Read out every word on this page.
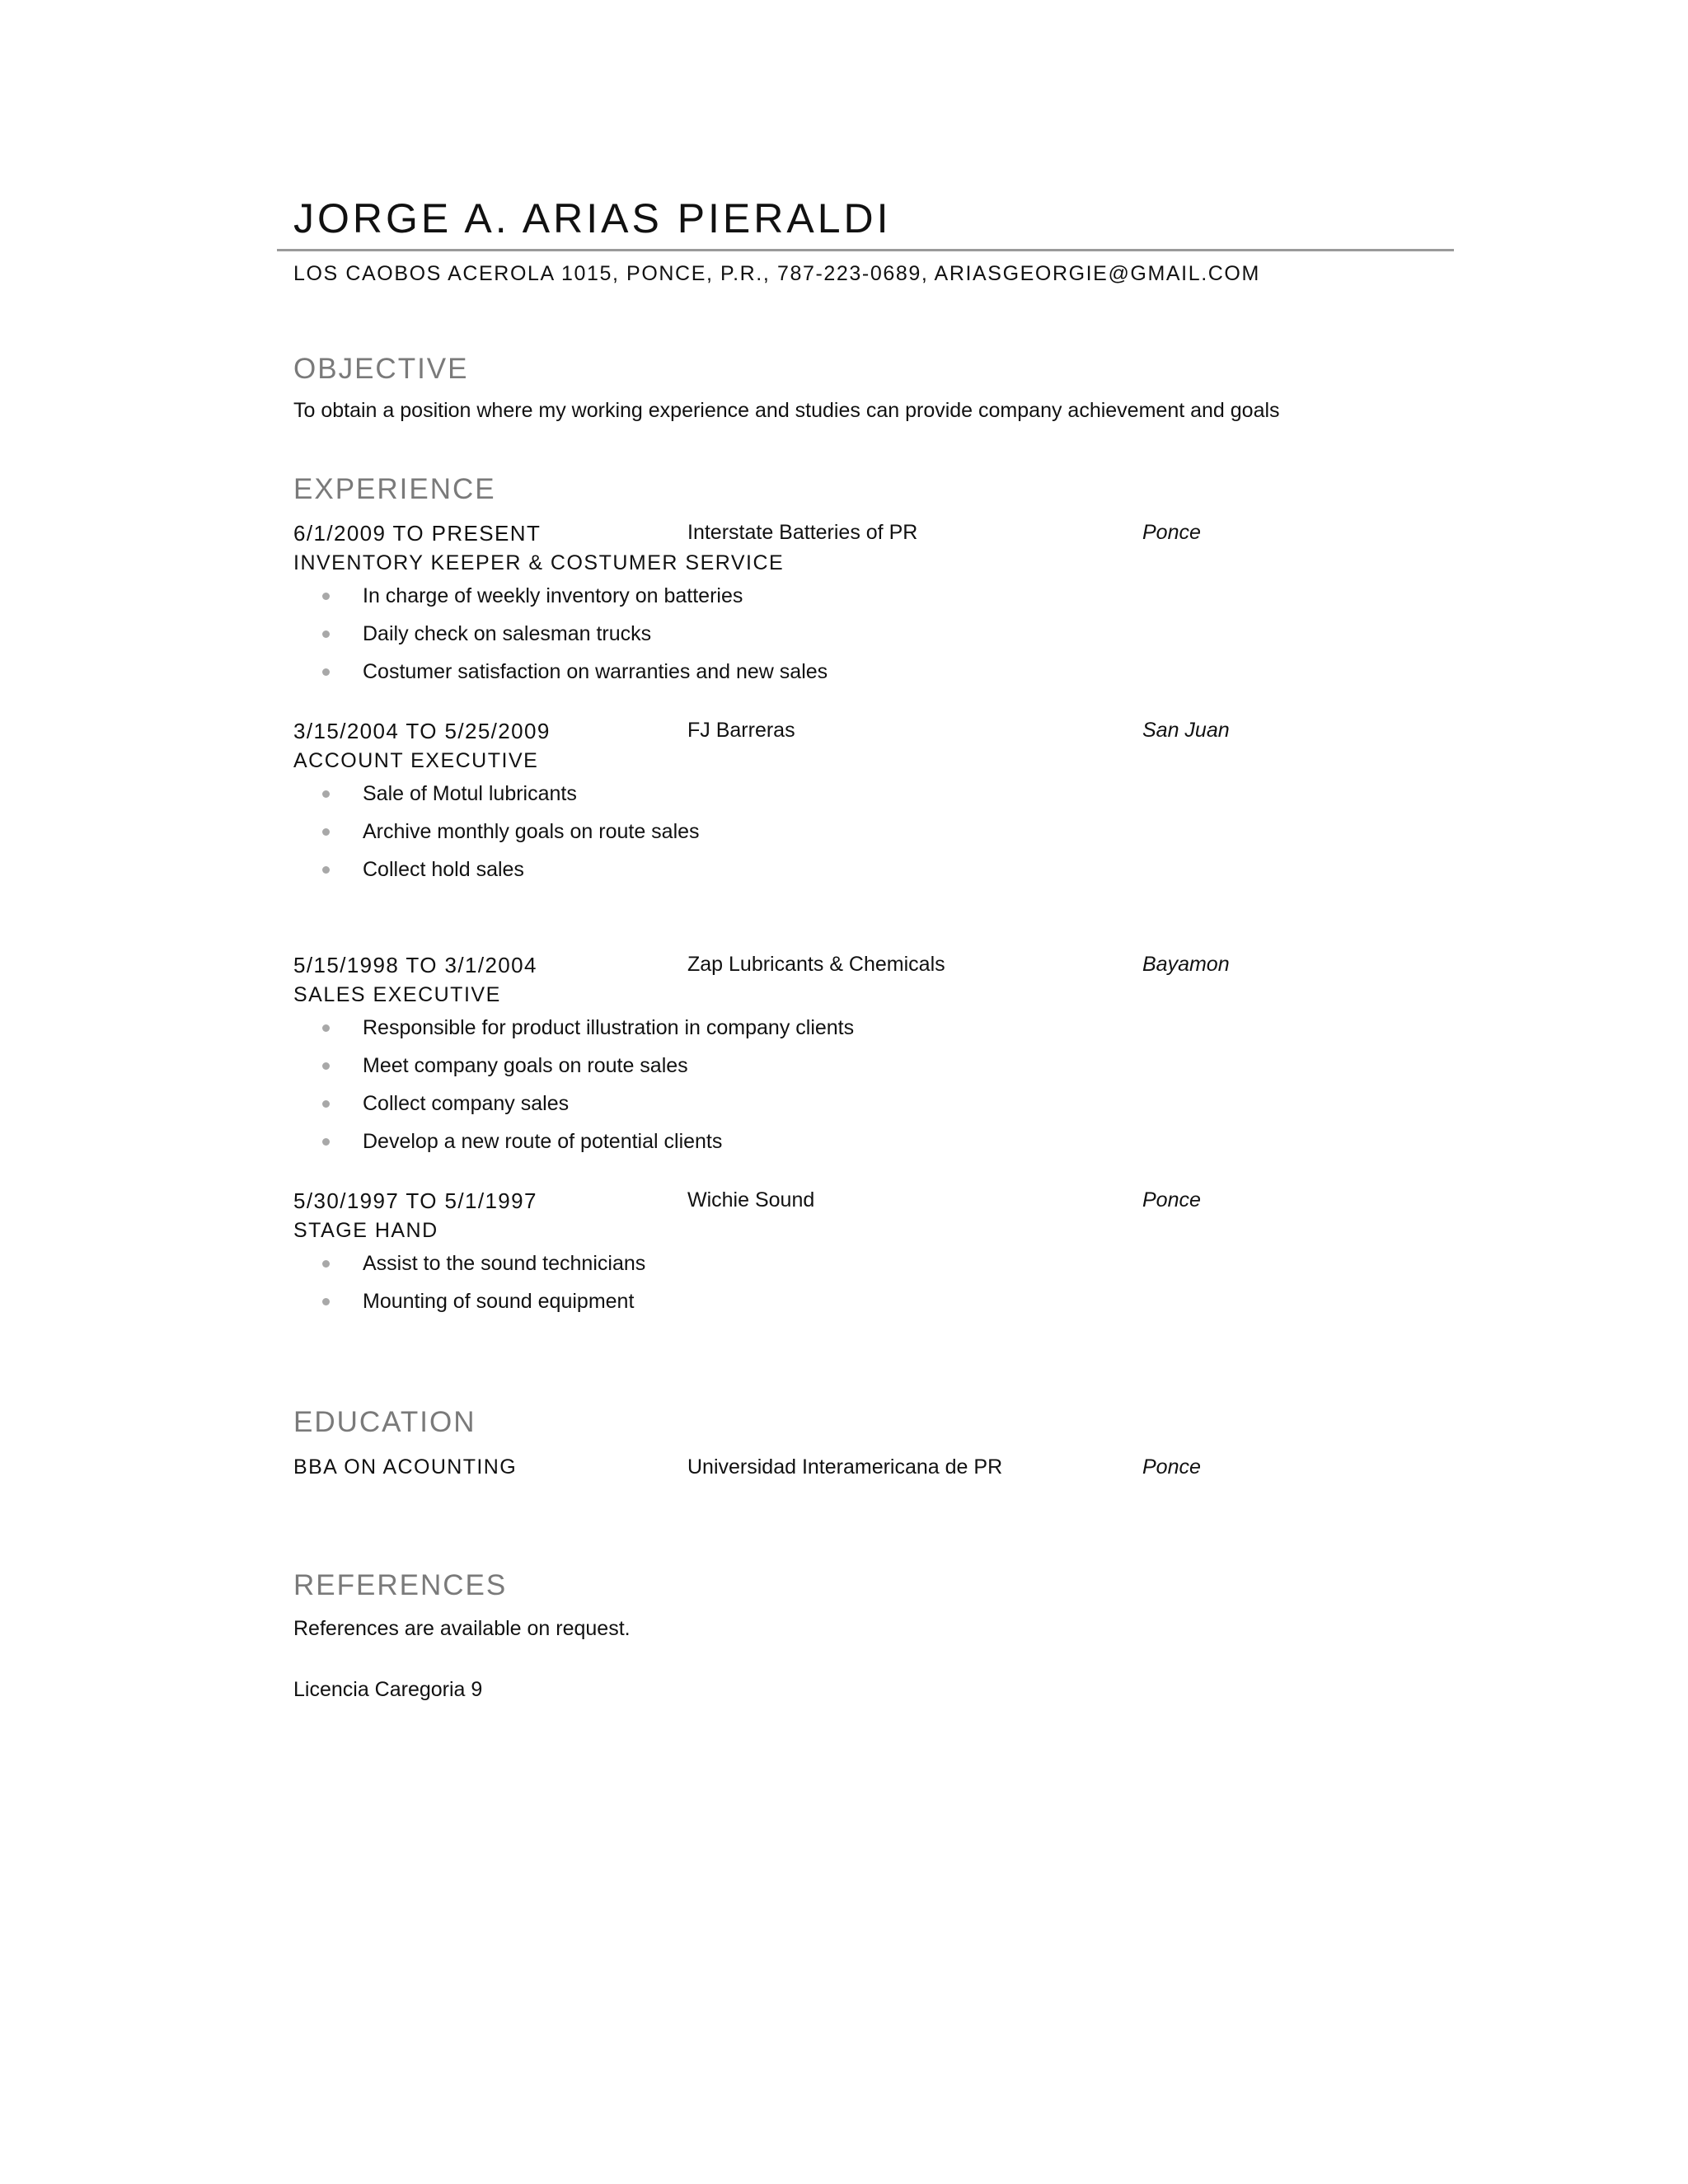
JORGE A. ARIAS PIERALDI
LOS CAOBOS ACEROLA 1015, PONCE, P.R., 787-223-0689, ARIASGEORGIE@GMAIL.COM
OBJECTIVE
To obtain a position where my working experience and studies can provide company achievement and goals
EXPERIENCE
6/1/2009 TO PRESENT	Interstate Batteries of PR	Ponce
INVENTORY KEEPER & COSTUMER SERVICE
In charge of weekly inventory on batteries
Daily check on salesman trucks
Costumer satisfaction on warranties and new sales
3/15/2004 TO 5/25/2009	FJ Barreras	San Juan
ACCOUNT EXECUTIVE
Sale of Motul lubricants
Archive monthly goals on route sales
Collect hold sales
5/15/1998 TO 3/1/2004	Zap Lubricants & Chemicals	Bayamon
SALES EXECUTIVE
Responsible for product illustration in company clients
Meet company goals on route sales
Collect company sales
Develop a new route of potential clients
5/30/1997 TO 5/1/1997	Wichie Sound	Ponce
STAGE HAND
Assist to the sound technicians
Mounting of sound equipment
EDUCATION
BBA ON ACOUNTING	Universidad Interamericana de PR	Ponce
REFERENCES
References are available on request.
Licencia Caregoria 9
